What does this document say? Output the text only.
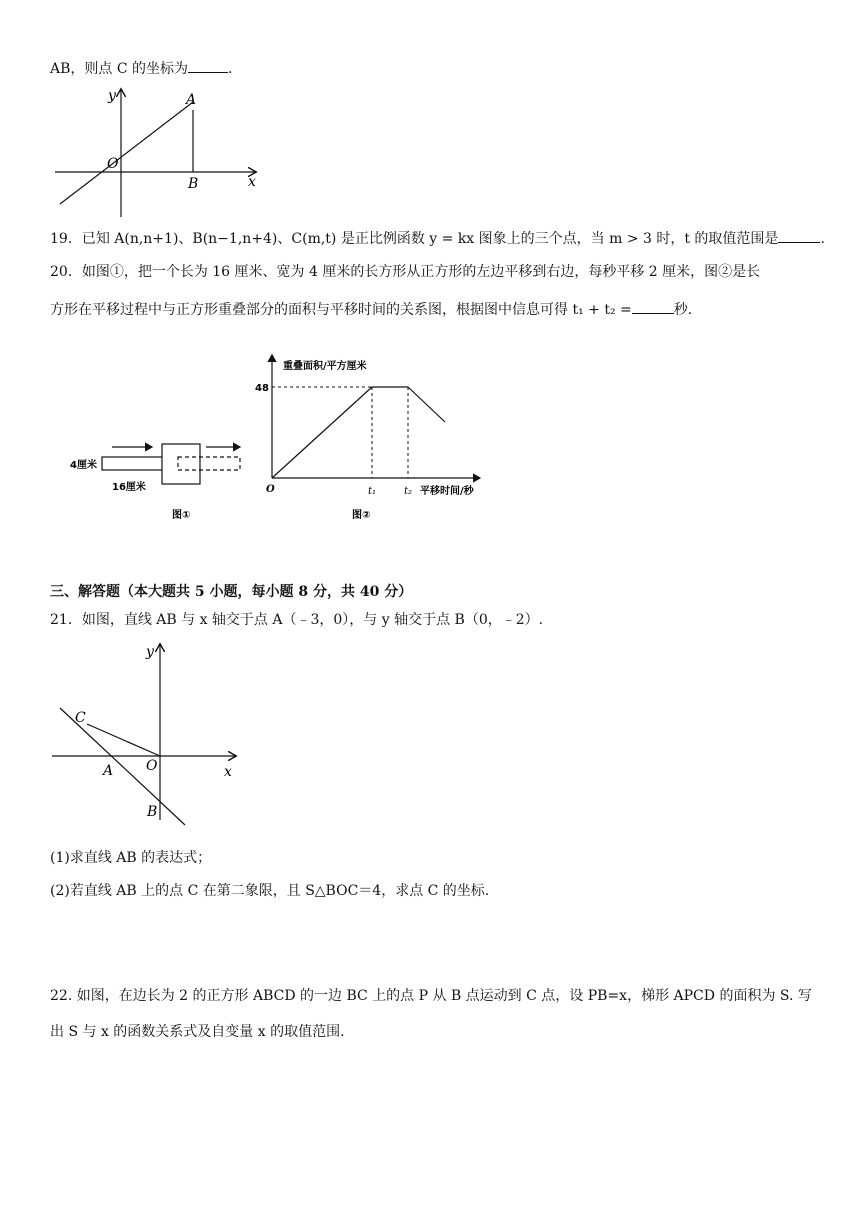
AB，则点 C 的坐标为	.
y
x
O
A
B
19．已知 A(n,n+1)、B(n−1,n+4)、C(m,t) 是正比例函数 y = kx 图象上的三个点，当 m > 3 时，t 的取值范围是	.
20．如图①，把一个长为 16 厘米、宽为 4 厘米的长方形从正方形的左边平移到右边，每秒平移 2 厘米，图②是长
方形在平移过程中与正方形重叠部分的面积与平移时间的关系图，根据图中信息可得 t₁ + t₂ =	秒.
4厘米
16厘米
图①
重叠面积/平方厘米
48
O	t₁	t₂ 平移时间/秒
图②
三、解答题（本大题共 5 小题，每小题 8 分，共 40 分）
21．如图，直线 AB 与 x 轴交于点 A（﹣3，0），与 y 轴交于点 B（0，﹣2）.
y
x
O
A
B
C
(1)求直线 AB 的表达式；
(2)若直线 AB 上的点 C 在第二象限，且 S△BOC＝4，求点 C 的坐标.
22. 如图，在边长为 2 的正方形 ABCD 的一边 BC 上的点 P 从 B 点运动到 C 点，设 PB=x，梯形 APCD 的面积为 S. 写
出 S 与 x 的函数关系式及自变量 x 的取值范围.
